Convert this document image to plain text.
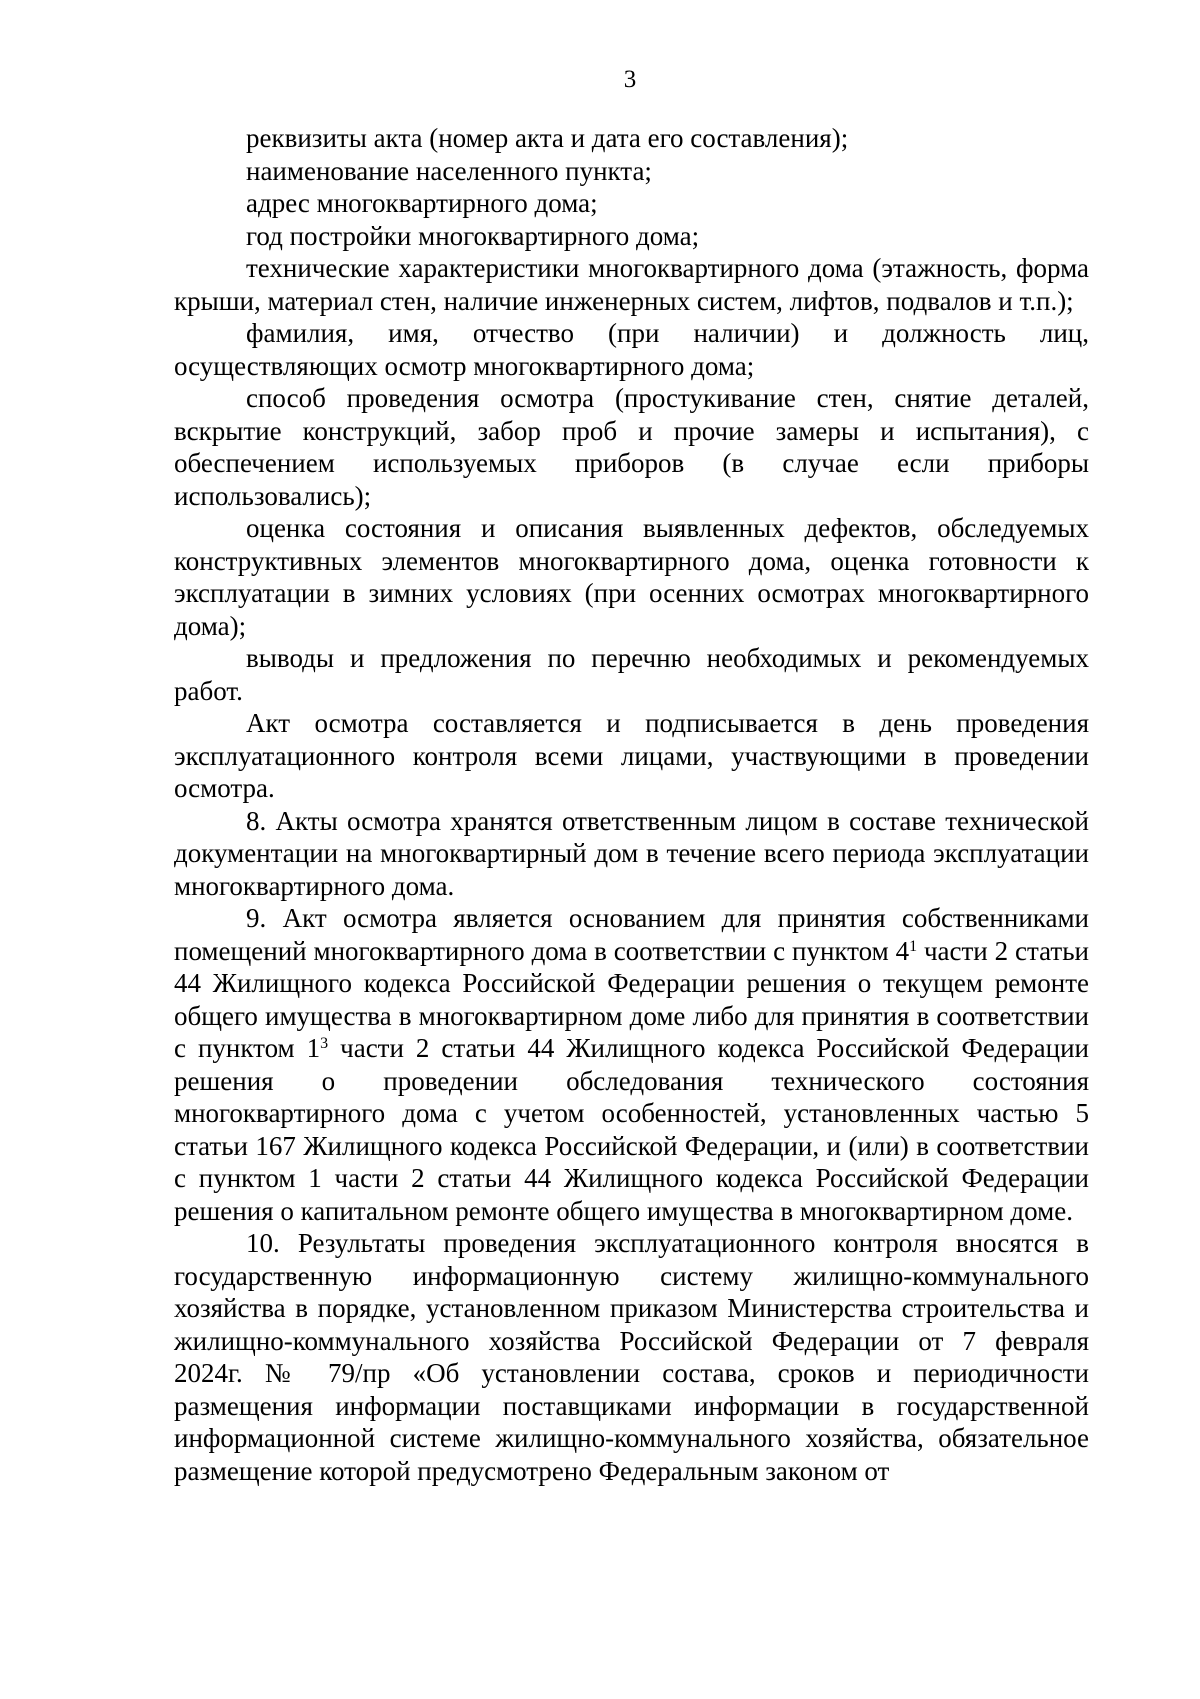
3

реквизиты акта (номер акта и дата его составления);

наименование населенного пункта;

адрес многоквартирного дома;

год постройки многоквартирного дома;

технические характеристики многоквартирного дома (этажность, форма крыши, материал стен, наличие инженерных систем, лифтов, подвалов и т.п.);

фамилия, имя, отчество (при наличии) и должность лиц, осуществляющих осмотр многоквартирного дома;

способ проведения осмотра (простукивание стен, снятие деталей, вскрытие конструкций, забор проб и прочие замеры и испытания), с обеспечением используемых приборов (в случае если приборы использовались);

оценка состояния и описания выявленных дефектов, обследуемых конструктивных элементов многоквартирного дома, оценка готовности к эксплуатации в зимних условиях (при осенних осмотрах многоквартирного дома);

выводы и предложения по перечню необходимых и рекомендуемых работ.

Акт осмотра составляется и подписывается в день проведения эксплуатационного контроля всеми лицами, участвующими в проведении осмотра.

8. Акты осмотра хранятся ответственным лицом в составе технической документации на многоквартирный дом в течение всего периода эксплуатации многоквартирного дома.

9. Акт осмотра является основанием для принятия собственниками помещений многоквартирного дома в соответствии с пунктом $4^1$ части 2 статьи 44 Жилищного кодекса Российской Федерации решения о текущем ремонте общего имущества в многоквартирном доме либо для принятия в соответствии с пунктом $1^3$ части 2 статьи 44 Жилищного кодекса Российской Федерации решения о проведении обследования технического состояния многоквартирного дома с учетом особенностей, установленных частью 5 статьи 167 Жилищного кодекса Российской Федерации, и (или) в соответствии с пунктом 1 части 2 статьи 44 Жилищного кодекса Российской Федерации решения о капитальном ремонте общего имущества в многоквартирном доме.

10. Результаты проведения эксплуатационного контроля вносятся в государственную информационную систему жилищно-коммунального хозяйства в порядке, установленном приказом Министерства строительства и жилищно-коммунального хозяйства Российской Федерации от 7 февраля 2024г. № 79/пр «Об установлении состава, сроков и периодичности размещения информации поставщиками информации в государственной информационной системе жилищно-коммунального хозяйства, обязательное размещение которой предусмотрено Федеральным законом от
